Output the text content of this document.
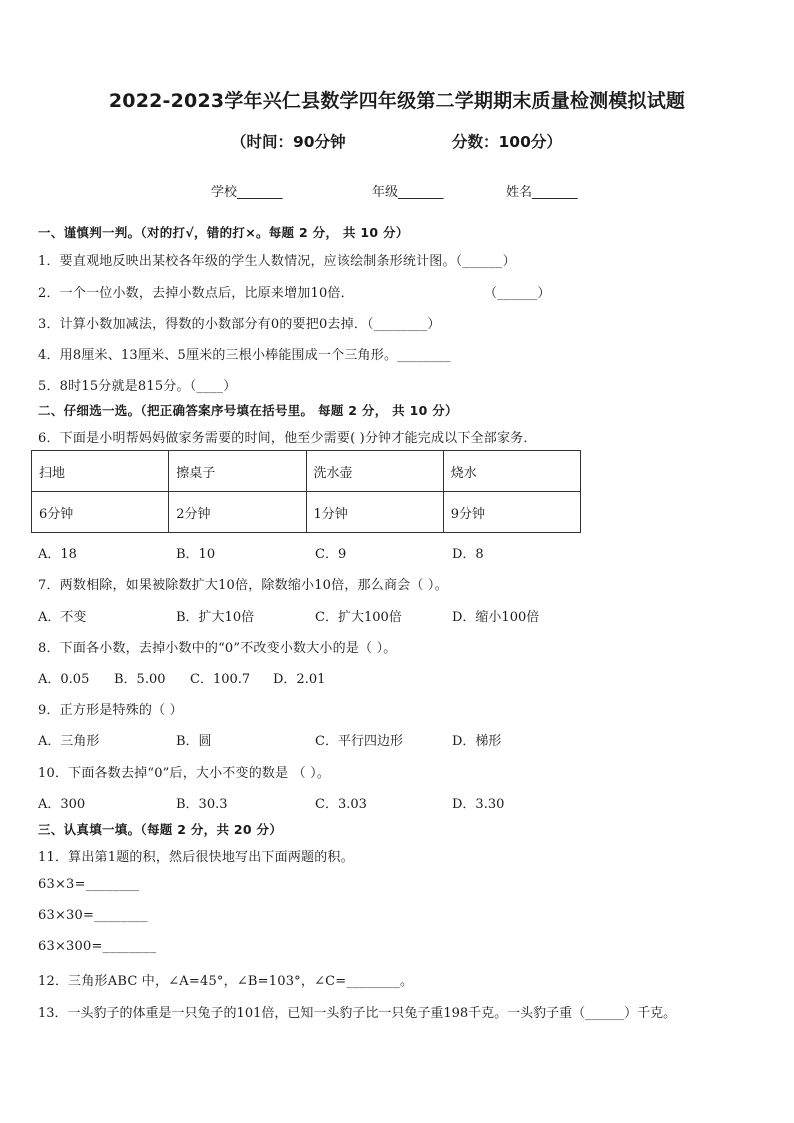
2022-2023学年兴仁县数学四年级第二学期期末质量检测模拟试题
（时间：90分钟	分数：100分）
学校_______	年级_______	姓名_______
一、谨慎判一判。（对的打√，错的打×。每题 2 分， 共 10 分）
1．要直观地反映出某校各年级的学生人数情况，应该绘制条形统计图。（______）
2．一个一位小数，去掉小数点后，比原来增加10倍．	（______）
3．计算小数加减法，得数的小数部分有0的要把0去掉．（________）
4．用8厘米、13厘米、5厘米的三根小棒能围成一个三角形。________
5．8时15分就是815分。（____）
二、仔细选一选。（把正确答案序号填在括号里。 每题 2 分， 共 10 分）
6．下面是小明帮妈妈做家务需要的时间，他至少需要( )分钟才能完成以下全部家务．
扫地	擦桌子	洗水壶	烧水
6分钟	2分钟	1分钟	9分钟
A．18	B．10	C．9	D．8
7．两数相除，如果被除数扩大10倍，除数缩小10倍，那么商会（ ）。
A．不变	B．扩大10倍	C．扩大100倍	D．缩小100倍
8．下面各小数，去掉小数中的“0”不改变小数大小的是（ ）。
A．0.05 B．5.00 C．100.7 D．2.01
9．正方形是特殊的（ ）
A．三角形	B．圆	C．平行四边形	D．梯形
10．下面各数去掉“0”后，大小不变的数是 （ ）。
A．300	B．30.3	C．3.03	D．3.30
三、认真填一填。（每题 2 分，共 20 分）
11．算出第1题的积，然后很快地写出下面两题的积。
63×3=________
63×30=________
63×300=________
12．三角形ABC 中，∠A=45°，∠B=103°，∠C=________。
13．一头豹子的体重是一只兔子的101倍，已知一头豹子比一只兔子重198千克。一头豹子重（______）千克。
